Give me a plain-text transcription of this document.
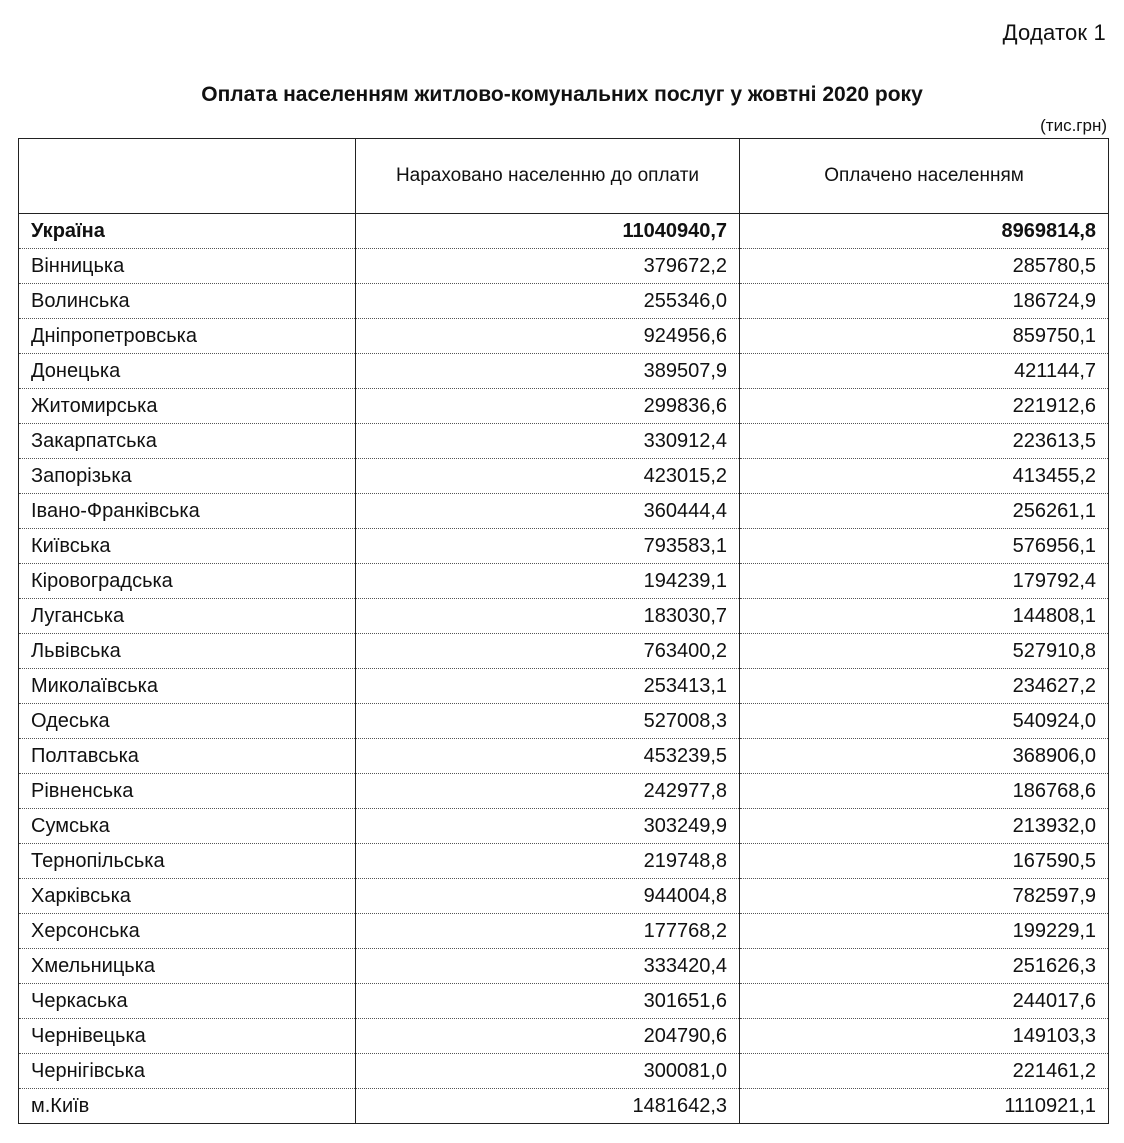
Додаток 1
Оплата населенням житлово-комунальних послуг у жовтні 2020 року
(тис.грн)
	Нараховано населенню до оплати	Оплачено населенням
Україна	11040940,7	8969814,8
Вінницька	379672,2	285780,5
Волинська	255346,0	186724,9
Дніпропетровська	924956,6	859750,1
Донецька	389507,9	421144,7
Житомирська	299836,6	221912,6
Закарпатська	330912,4	223613,5
Запорізька	423015,2	413455,2
Івано-Франківська	360444,4	256261,1
Київська	793583,1	576956,1
Кіровоградська	194239,1	179792,4
Луганська	183030,7	144808,1
Львівська	763400,2	527910,8
Миколаївська	253413,1	234627,2
Одеська	527008,3	540924,0
Полтавська	453239,5	368906,0
Рівненська	242977,8	186768,6
Сумська	303249,9	213932,0
Тернопільська	219748,8	167590,5
Харківська	944004,8	782597,9
Херсонська	177768,2	199229,1
Хмельницька	333420,4	251626,3
Черкаська	301651,6	244017,6
Чернівецька	204790,6	149103,3
Чернігівська	300081,0	221461,2
м.Київ	1481642,3	1110921,1
